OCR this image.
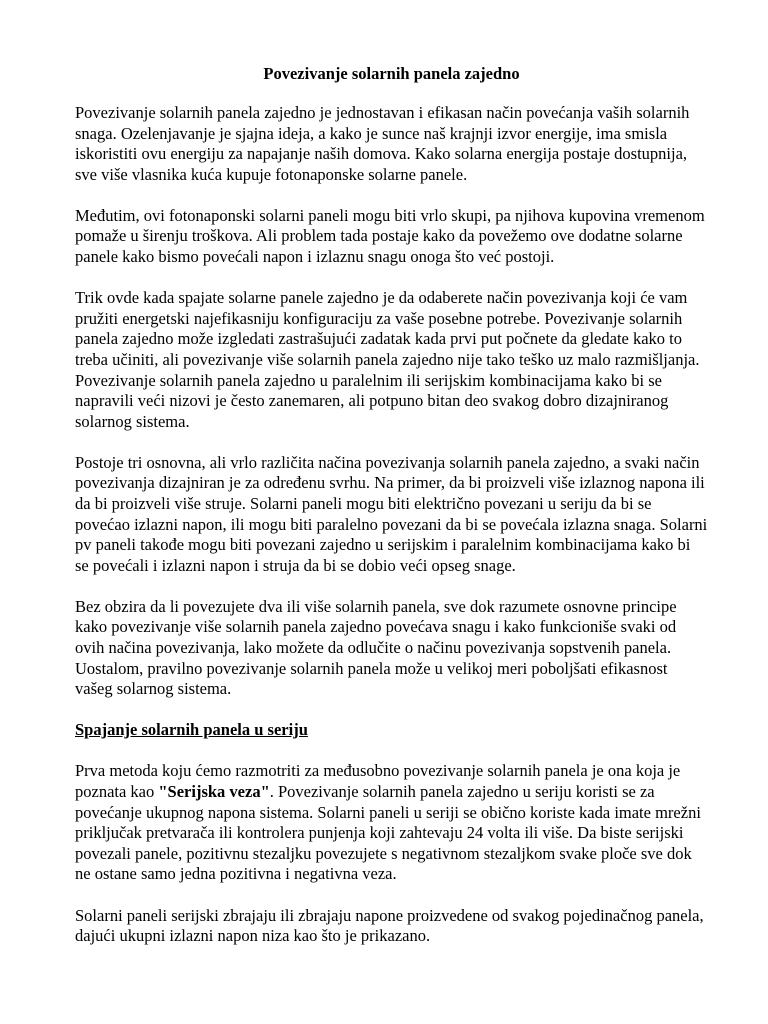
Povezivanje solarnih panela zajedno

Povezivanje solarnih panela zajedno je jednostavan i efikasan način povećanja vaših solarnih snaga. Ozelenjavanje je sjajna ideja, a kako je sunce naš krajnji izvor energije, ima smisla iskoristiti ovu energiju za napajanje naših domova. Kako solarna energija postaje dostupnija, sve više vlasnika kuća kupuje fotonaponske solarne panele.

Međutim, ovi fotonaponski solarni paneli mogu biti vrlo skupi, pa njihova kupovina vremenom pomaže u širenju troškova. Ali problem tada postaje kako da povežemo ove dodatne solarne panele kako bismo povećali napon i izlaznu snagu onoga što već postoji.

Trik ovde kada spajate solarne panele zajedno je da odaberete način povezivanja koji će vam pružiti energetski najefikasniju konfiguraciju za vaše posebne potrebe. Povezivanje solarnih panela zajedno može izgledati zastrašujući zadatak kada prvi put počnete da gledate kako to treba učiniti, ali povezivanje više solarnih panela zajedno nije tako teško uz malo razmišljanja. Povezivanje solarnih panela zajedno u paralelnim ili serijskim kombinacijama kako bi se napravili veći nizovi je često zanemaren, ali potpuno bitan deo svakog dobro dizajniranog solarnog sistema.

Postoje tri osnovna, ali vrlo različita načina povezivanja solarnih panela zajedno, a svaki način povezivanja dizajniran je za određenu svrhu. Na primer, da bi proizveli više izlaznog napona ili da bi proizveli više struje. Solarni paneli mogu biti električno povezani u seriju da bi se povećao izlazni napon, ili mogu biti paralelno povezani da bi se povećala izlazna snaga. Solarni pv paneli takođe mogu biti povezani zajedno u serijskim i paralelnim kombinacijama kako bi se povećali i izlazni napon i struja da bi se dobio veći opseg snage.

Bez obzira da li povezujete dva ili više solarnih panela, sve dok razumete osnovne principe kako povezivanje više solarnih panela zajedno povećava snagu i kako funkcioniše svaki od ovih načina povezivanja, lako možete da odlučite o načinu povezivanja sopstvenih panela. Uostalom, pravilno povezivanje solarnih panela može u velikoj meri poboljšati efikasnost vašeg solarnog sistema.

Spajanje solarnih panela u seriju

Prva metoda koju ćemo razmotriti za međusobno povezivanje solarnih panela je ona koja je poznata kao "Serijska veza". Povezivanje solarnih panela zajedno u seriju koristi se za povećanje ukupnog napona sistema. Solarni paneli u seriji se obično koriste kada imate mrežni priključak pretvarača ili kontrolera punjenja koji zahtevaju 24 volta ili više. Da biste serijski povezali panele, pozitivnu stezaljku povezujete s negativnom stezaljkom svake ploče sve dok ne ostane samo jedna pozitivna i negativna veza.

Solarni paneli serijski zbrajaju ili zbrajaju napone proizvedene od svakog pojedinačnog panela, dajući ukupni izlazni napon niza kao što je prikazano.
